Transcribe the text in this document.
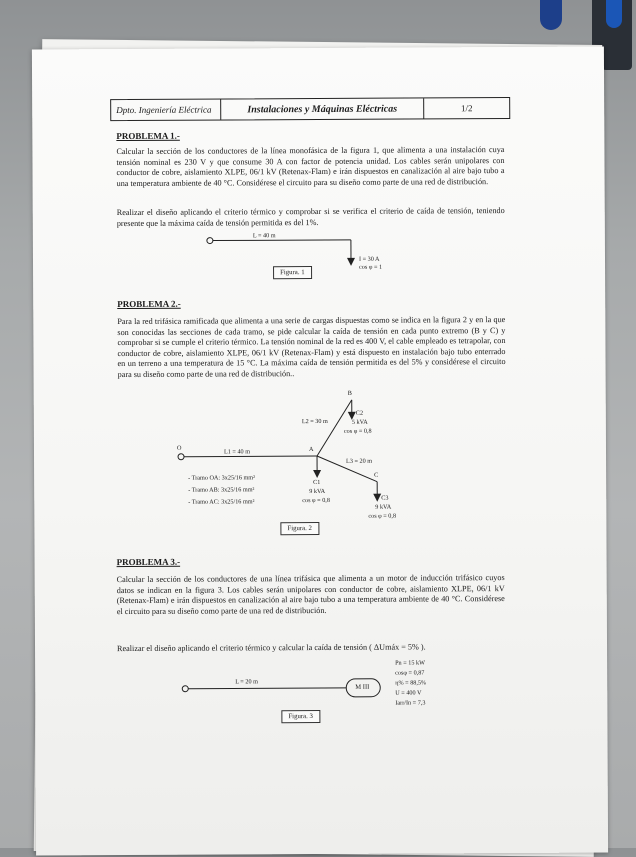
Dpto. Ingeniería Eléctrica	Instalaciones y Máquinas Eléctricas	1/2
PROBLEMA 1.-
Calcular la sección de los conductores de la línea monofásica de la figura 1, que alimenta a una instalación cuya tensión nominal es 230 V y que consume 30 A con factor de potencia unidad. Los cables serán unipolares con conductor de cobre, aislamiento XLPE, 06/1 kV (Retenax-Flam) e irán dispuestos en canalización al aire bajo tubo a una temperatura ambiente de 40 °C. Considérese el circuito para su diseño como parte de una red de distribución.
Realizar el diseño aplicando el criterio térmico y comprobar si se verifica el criterio de caída de tensión, teniendo presente que la máxima caída de tensión permitida es del 1%.
L = 40 m
I = 30 A
cos φ = 1
Figura. 1
PROBLEMA 2.-
Para la red trifásica ramificada que alimenta a una serie de cargas dispuestas como se indica en la figura 2 y en la que son conocidas las secciones de cada tramo, se pide calcular la caída de tensión en cada punto extremo (B y C) y comprobar si se cumple el criterio térmico. La tensión nominal de la red es 400 V, el cable empleado es tetrapolar, con conductor de cobre, aislamiento XLPE, 06/1 kV (Retenax-Flam) y está dispuesto en instalación bajo tubo enterrado en un terreno a una temperatura de 15 °C. La máxima caída de tensión permitida es del 5% y considérese el circuito para su diseño como parte de una red de distribución..
O	A
B
C
L1 = 40 m
L2 = 30 m
L3 = 20 m
C1
9 kVA
cos φ = 0,8
C2
5 kVA
cos φ = 0,8
C3
9 kVA
cos φ = 0,8
- Tramo OA: 3x25/16 mm²
- Tramo AB: 3x25/16 mm²
- Tramo AC: 3x25/16 mm²
Figura. 2
PROBLEMA 3.-
Calcular la sección de los conductores de una línea trifásica que alimenta a un motor de inducción trifásico cuyos datos se indican en la figura 3. Los cables serán unipolares con conductor de cobre, aislamiento XLPE, 06/1 kV (Retenax-Flam) e irán dispuestos en canalización al aire bajo tubo a una temperatura ambiente de 40 °C. Considérese el circuito para su diseño como parte de una red de distribución.
Realizar el diseño aplicando el criterio térmico y calcular la caída de tensión ( ΔUmáx = 5% ).
L = 20 m
M III
Pn = 15 kW
cosφ = 0,87
η% = 88,5%
U = 400 V
Iarr/In = 7,3
Figura. 3
